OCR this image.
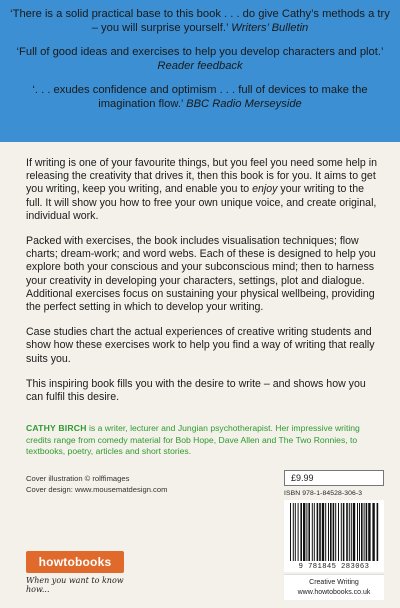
‘There is a solid practical base to this book . . . do give Cathy’s methods a try – you will surprise yourself.’ Writers’ Bulletin

‘Full of good ideas and exercises to help you develop characters and plot.’ Reader feedback

‘. . . exudes confidence and optimism . . . full of devices to make the imagination flow.’ BBC Radio Merseyside

If writing is one of your favourite things, but you feel you need some help in releasing the creativity that drives it, then this book is for you. It aims to get you writing, keep you writing, and enable you to enjoy your writing to the full. It will show you how to free your own unique voice, and create original, individual work.

Packed with exercises, the book includes visualisation techniques; flow charts; dream-work; and word webs. Each of these is designed to help you explore both your conscious and your subconscious mind; then to harness your creativity in developing your characters, settings, plot and dialogue. Additional exercises focus on sustaining your physical wellbeing, providing the perfect setting in which to develop your writing.

Case studies chart the actual experiences of creative writing students and show how these exercises work to help you find a way of writing that really suits you.

This inspiring book fills you with the desire to write – and shows how you can fulfil this desire.

CATHY BIRCH is a writer, lecturer and Jungian psychotherapist. Her impressive writing credits range from comedy material for Bob Hope, Dave Allen and The Two Ronnies, to textbooks, poetry, articles and short stories.
Cover illustration © rolffimages
Cover design: www.mousematdesign.com
£9.99
ISBN 978-1-84528-306-3
9 781845 283063
Creative Writing
www.howtobooks.co.uk
howtobooks
When you want to know how...
